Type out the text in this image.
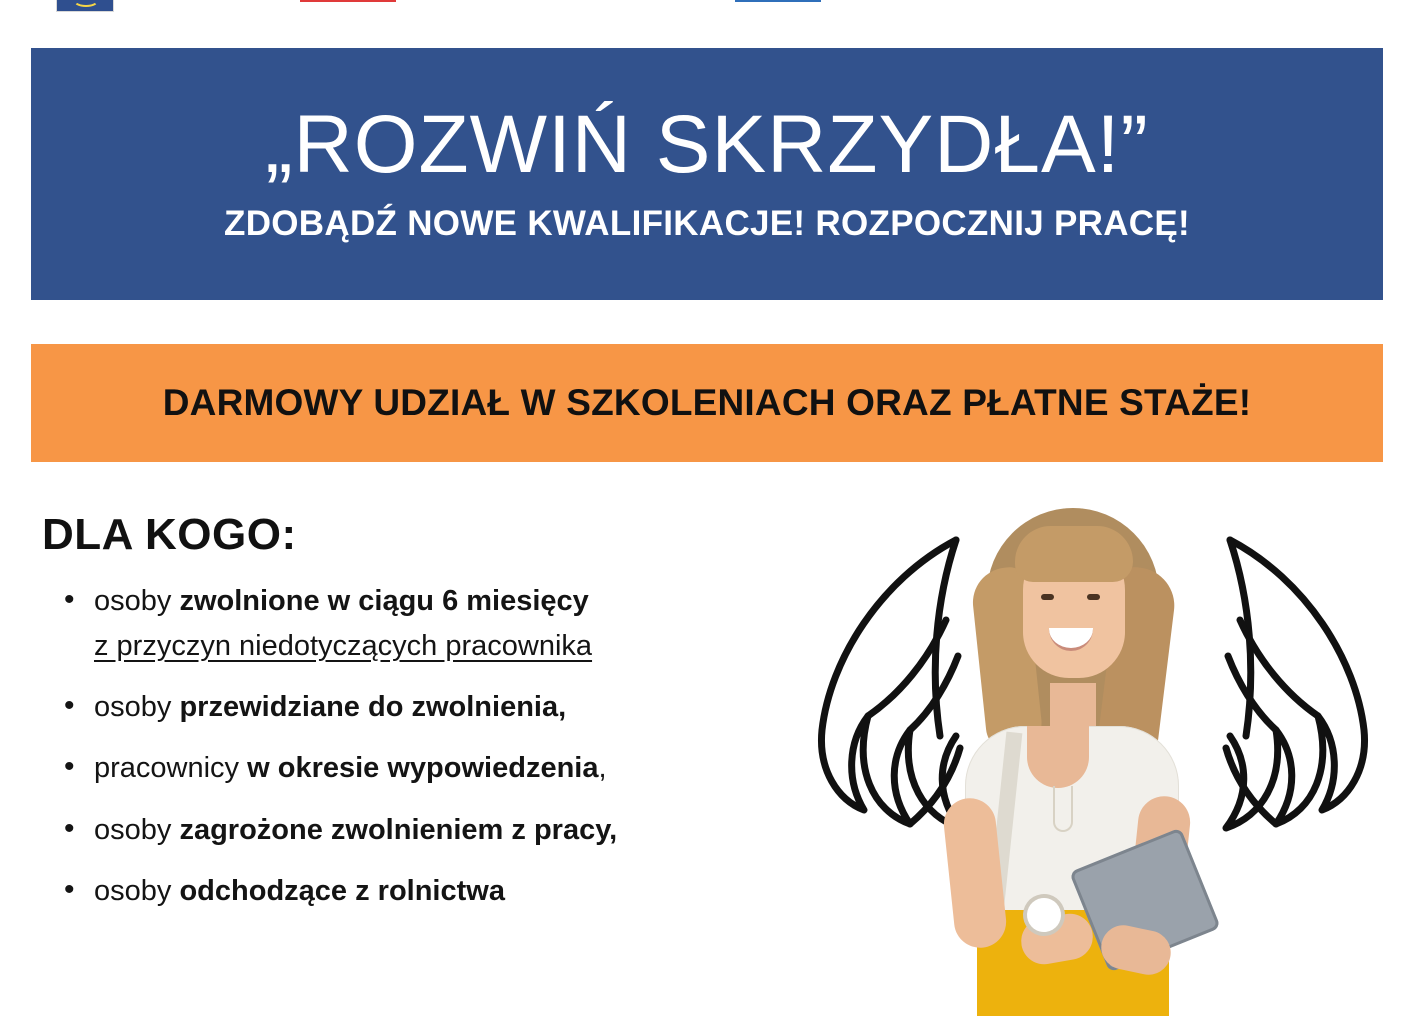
„ROZWIŃ SKRZYDŁA!”
ZDOBĄDŹ NOWE KWALIFIKACJE! ROZPOCZNIJ PRACĘ!
DARMOWY UDZIAŁ W SZKOLENIACH ORAZ PŁATNE STAŻE!
DLA KOGO:
• osoby zwolnione w ciągu 6 miesięcy
z przyczyn niedotyczących pracownika
• osoby przewidziane do zwolnienia,
• pracownicy w okresie wypowiedzenia,
• osoby zagrożone zwolnieniem z pracy,
• osoby odchodzące z rolnictwa
